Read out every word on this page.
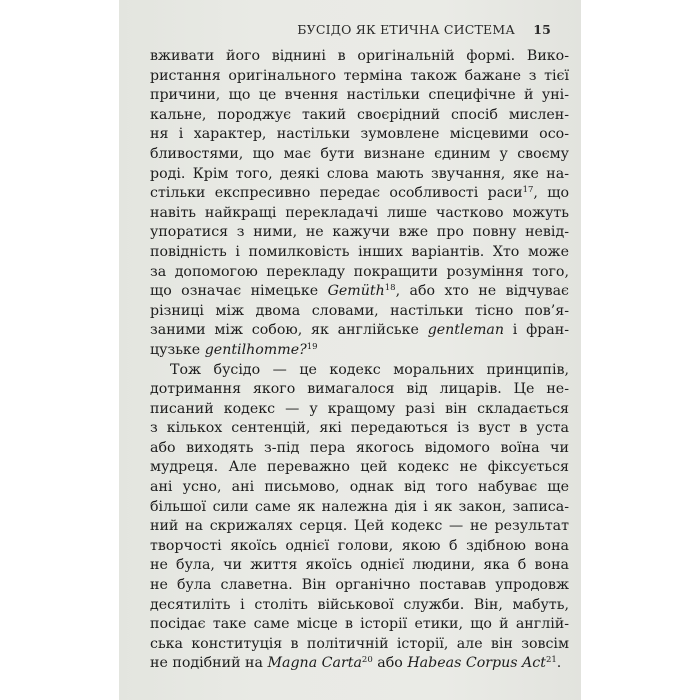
БУСІДО ЯК ЕТИЧНА СИСТЕМА 15
вживати його віднині в оригінальній формі. Вико-
ристання оригінального терміна також бажане з тієї
причини, що це вчення настільки специфічне й уні-
кальне, породжує такий своєрідний спосіб мислен-
ня і характер, настільки зумовлене місцевими осо-
бливостями, що має бути визнане єдиним у своєму
роді. Крім того, деякі слова мають звучання, яке на-
стільки експресивно передає особливості раси$^{17}$, що
навіть найкращі перекладачі лише частково можуть
упоратися з ними, не кажучи вже про повну невід-
повідність і помилковість інших варіантів. Хто може
за допомогою перекладу покращити розуміння того,
що означає німецьке Gemüth$^{18}$, або хто не відчуває
різниці між двома словами, настільки тісно пов’я-
заними між собою, як англійське gentleman і фран-
цузьке gentilhomme?$^{19}$
Тож бусідо — це кодекс моральних принципів,
дотримання якого вимагалося від лицарів. Це не-
писаний кодекс — у кращому разі він складається
з кількох сентенцій, які передаються із вуст в уста
або виходять з-під пера якогось відомого воїна чи
мудреця. Але переважно цей кодекс не фіксується
ані усно, ані письмово, однак від того набуває ще
більшої сили саме як належна дія і як закон, записа-
ний на скрижалях серця. Цей кодекс — не результат
творчості якоїсь однієї голови, якою б здібною вона
не була, чи життя якоїсь однієї людини, яка б вона
не була славетна. Він органічно поставав упродовж
десятиліть і століть військової служби. Він, мабуть,
посідає таке саме місце в історії етики, що й англій-
ська конституція в політичній історії, але він зовсім
не подібний на Magna Carta$^{20}$ або Habeas Corpus Act$^{21}$.
